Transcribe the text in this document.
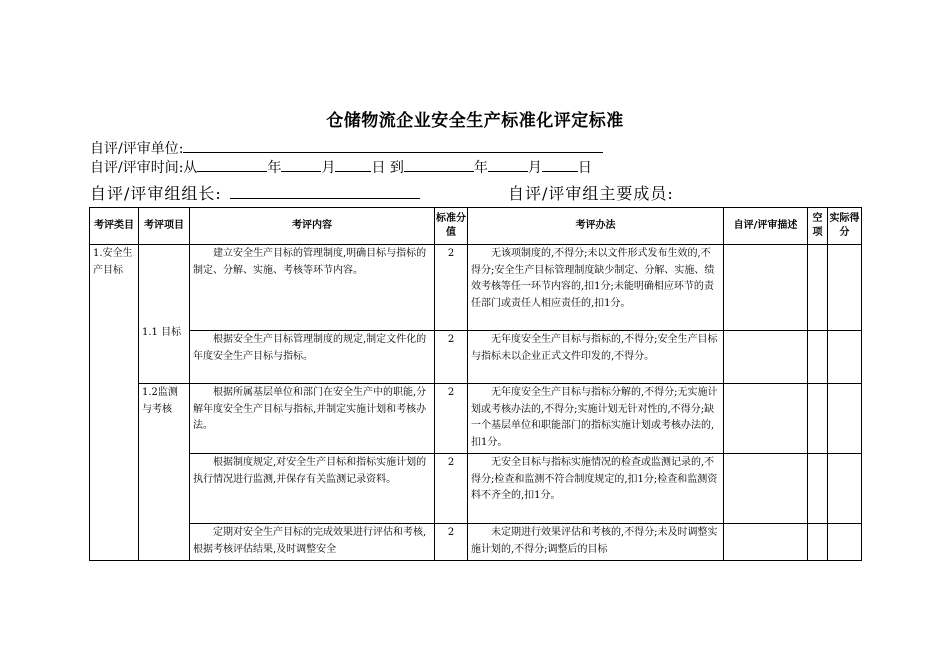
仓储物流企业安全生产标准化评定标准
自评/评审单位:
自评/评审时间:从	年	月	日 到	年	月	日
自评/评审组组长:	自评/评审组主要成员:
考评类目	考评项目	考评内容	标准分值	考评办法	自评/评审描述	空项	实际得分
1.安全生产目标	1.1 目标	建立安全生产目标的管理制度,明确目标与指标的制定、分解、实施、考核等环节内容。	2	无该项制度的,不得分;未以文件形式发布生效的,不得分;安全生产目标管理制度缺少制定、分解、实施、绩效考核等任一环节内容的,扣1分;未能明确相应环节的责任部门或责任人相应责任的,扣1分。			
		根据安全生产目标管理制度的规定,制定文件化的年度安全生产目标与指标。	2	无年度安全生产目标与指标的,不得分;安全生产目标与指标未以企业正式文件印发的,不得分。			
	1.2监测与考核	根据所属基层单位和部门在安全生产中的职能,分解年度安全生产目标与指标,并制定实施计划和考核办法。	2	无年度安全生产目标与指标分解的,不得分;无实施计划或考核办法的,不得分;实施计划无针对性的,不得分;缺一个基层单位和职能部门的指标实施计划或考核办法的,扣1分。			
		根据制度规定,对安全生产目标和指标实施计划的执行情况进行监测,并保存有关监测记录资料。	2	无安全目标与指标实施情况的检查或监测记录的,不得分;检查和监测不符合制度规定的,扣1分;检查和监测资料不齐全的,扣1分。			
		定期对安全生产目标的完成效果进行评估和考核,根据考核评估结果,及时调整安全	2	未定期进行效果评估和考核的,不得分;未及时调整实施计划的,不得分;调整后的目标			
